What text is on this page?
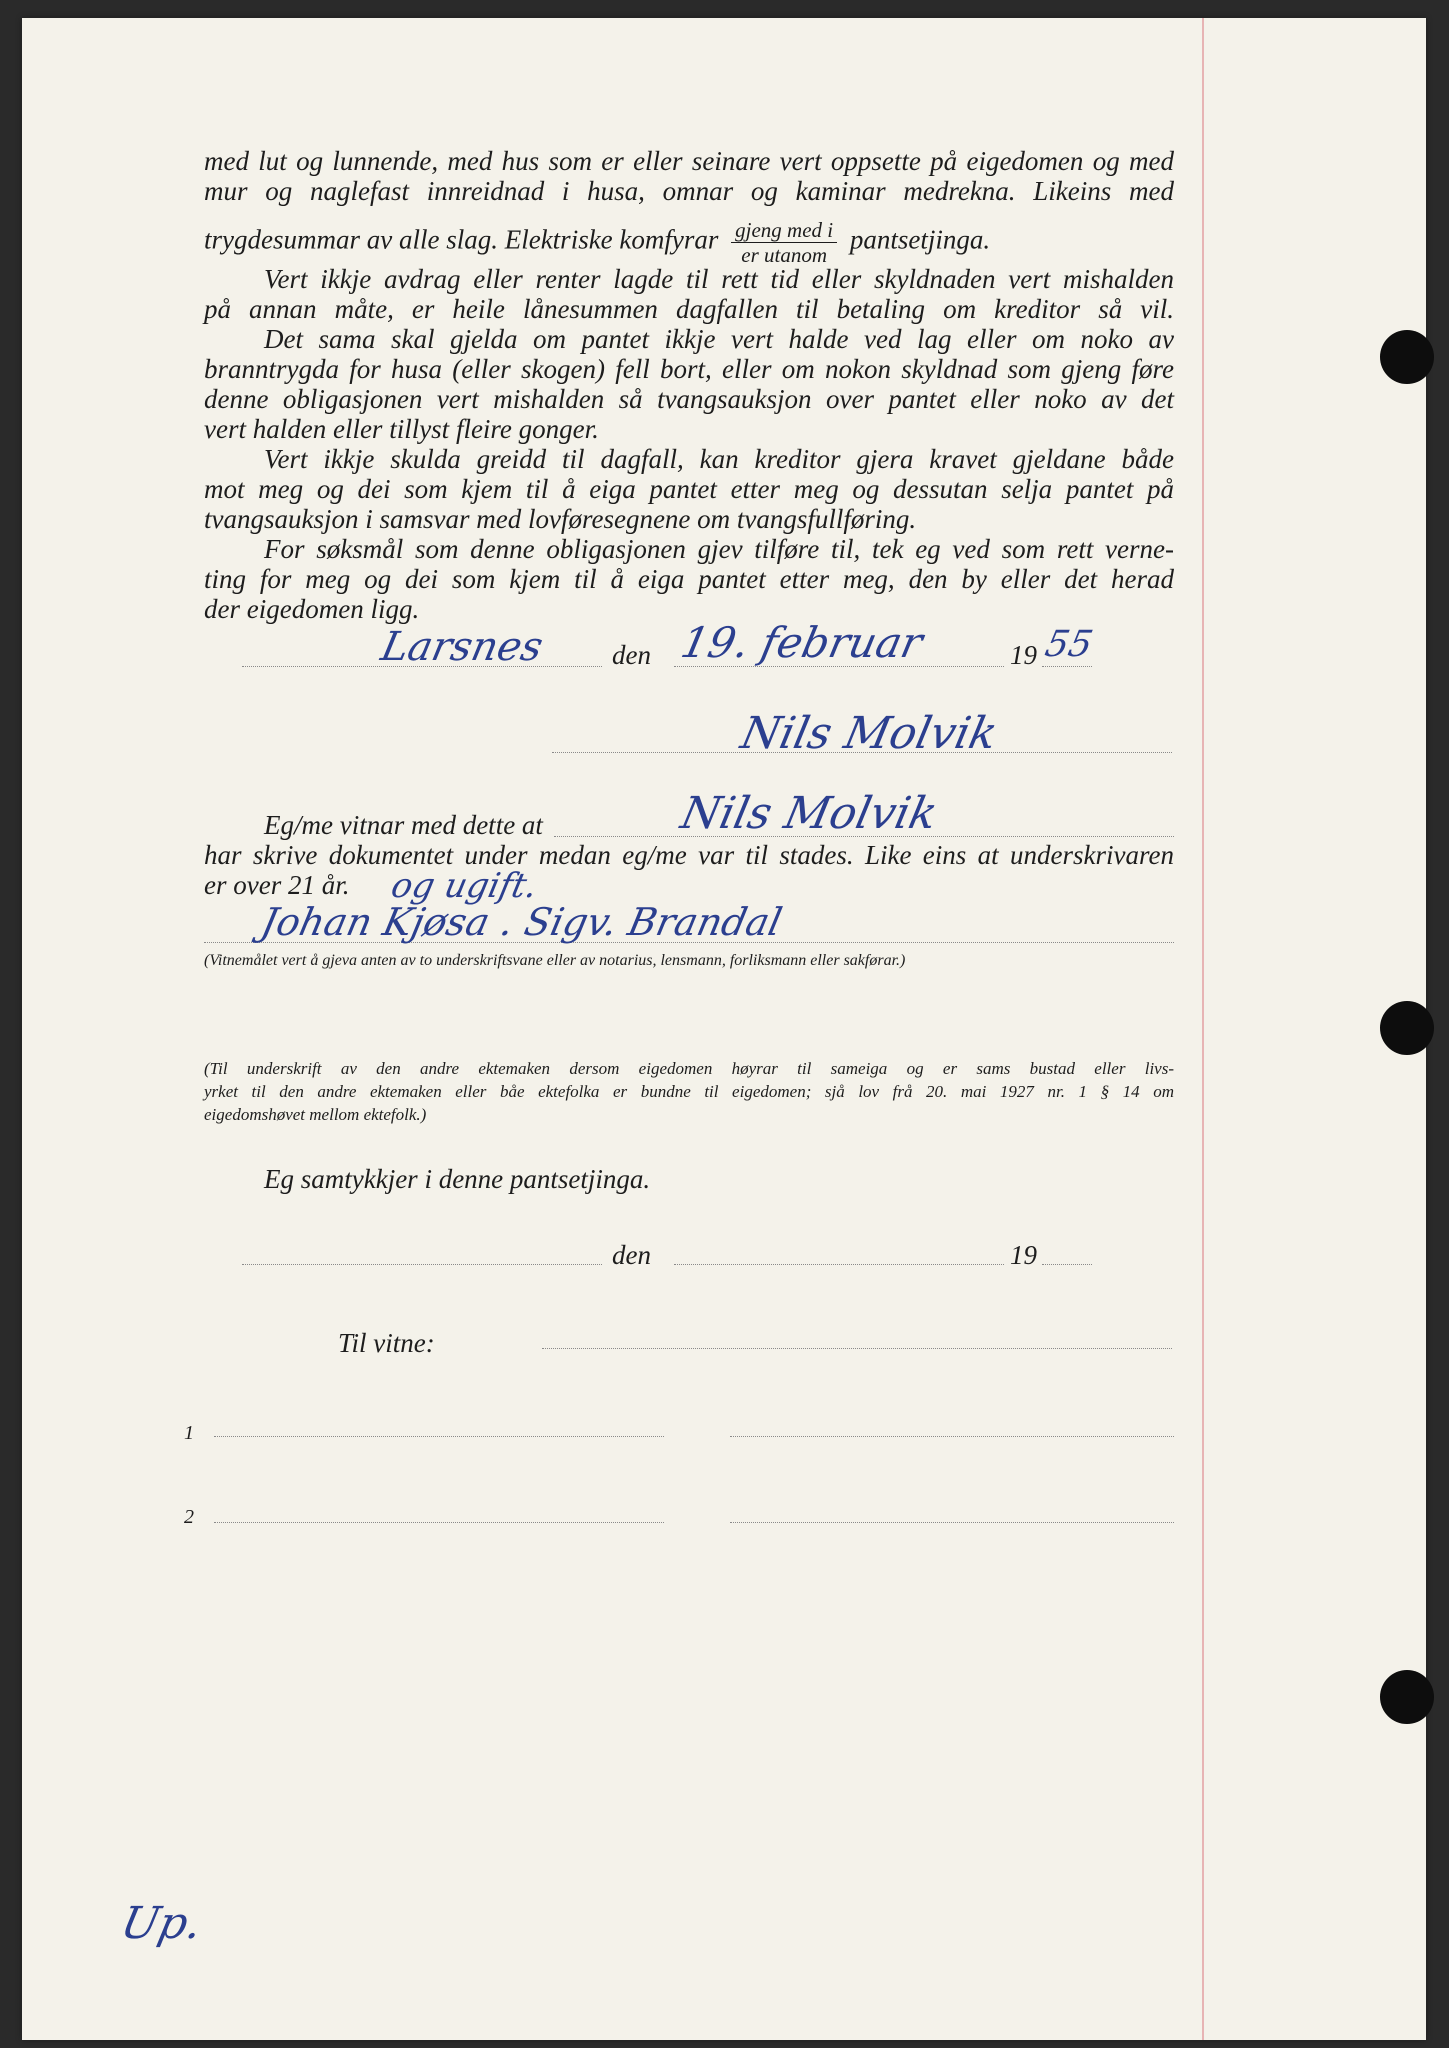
med lut og lunnende, med hus som er eller seinare vert oppsette på eigedomen og med
mur og naglefast innreidnad i husa, omnar og kaminar medrekna. Likeins med
trygdesummar av alle slag. Elektriske komfyrar $\frac{\text{gjeng med i}}{\text{er utanom}}$ pantsetjinga.
Vert ikkje avdrag eller renter lagde til rett tid eller skyldnaden vert mishalden
på annan måte, er heile lånesummen dagfallen til betaling om kreditor så vil.
Det sama skal gjelda om pantet ikkje vert halde ved lag eller om noko av
branntrygda for husa (eller skogen) fell bort, eller om nokon skyldnad som gjeng føre
denne obligasjonen vert mishalden så tvangsauksjon over pantet eller noko av det
vert halden eller tillyst fleire gonger.
Vert ikkje skulda greidd til dagfall, kan kreditor gjera kravet gjeldane både
mot meg og dei som kjem til å eiga pantet etter meg og dessutan selja pantet på
tvangsauksjon i samsvar med lovføresegnene om tvangsfullføring.
For søksmål som denne obligasjonen gjev tilføre til, tek eg ved som rett verne-
ting for meg og dei som kjem til å eiga pantet etter meg, den by eller det herad
der eigedomen ligg.
Larsnes den 19. februar	19 55
Nils Molvik
Eg/me vitnar med dette at	Nils Molvik
har skrive dokumentet under medan eg/me var til stades. Like eins at underskrivaren
er over 21 år. og ugift.
Johan Kjøsa . Sigv. Brandal
(Vitnemålet vert å gjeva anten av to underskriftsvane eller av notarius, lensmann, forliksmann eller sakførar.)
(Til underskrift av den andre ektemaken dersom eigedomen høyrar til sameiga og er sams bustad eller livs-
yrket til den andre ektemaken eller båe ektefolka er bundne til eigedomen; sjå lov frå 20. mai 1927 nr. 1 § 14 om
eigedomshøvet mellom ektefolk.)
Eg samtykkjer i denne pantsetjinga.
den	19
Til vitne:
1
2
Up.
